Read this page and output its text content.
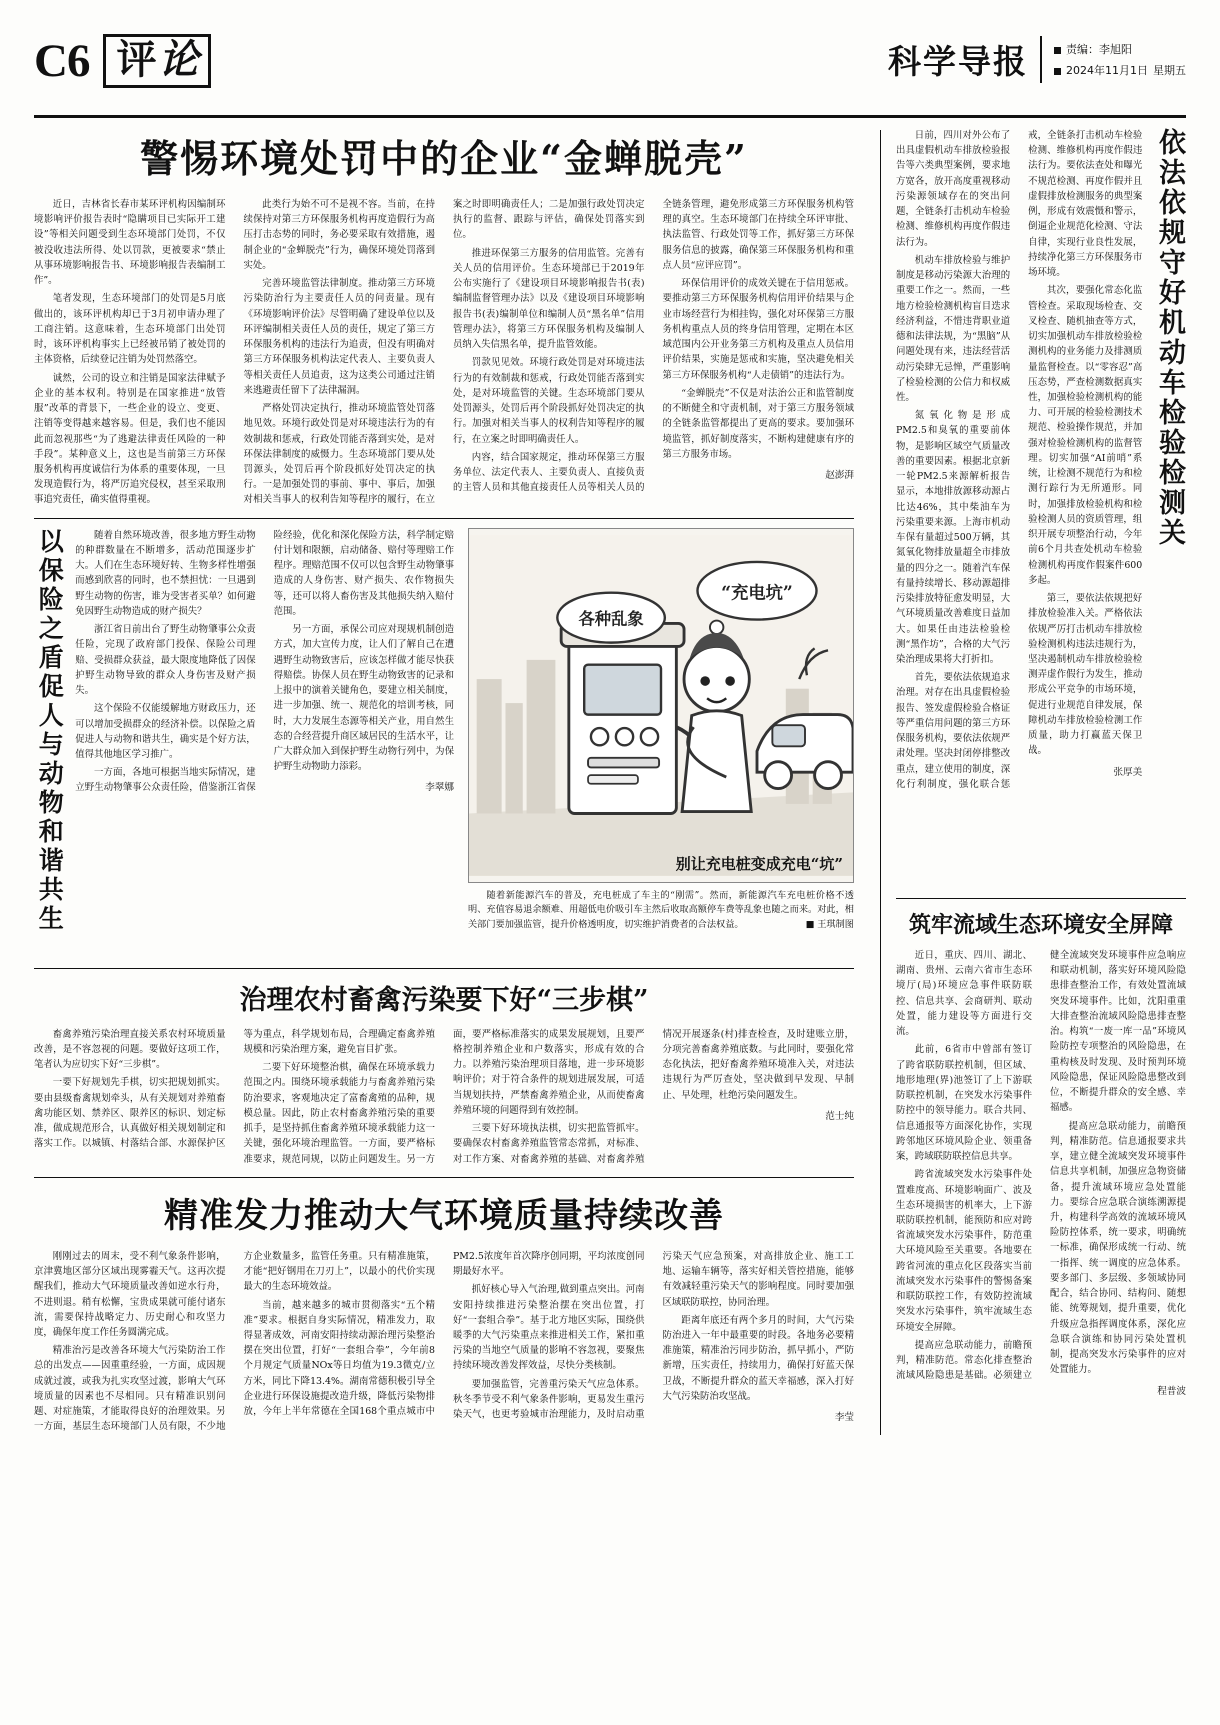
C6 评 论	科学导报	责编：李旭阳
2024年11月1日 星期五
警惕环境处罚中的企业“金蝉脱壳”

近日，吉林省长春市某环评机构因编制环境影响评价报告表时“隐瞒项目已实际开工建设”等相关问题受到生态环境部门处罚，不仅被没收违法所得、处以罚款，更被要求“禁止从事环境影响报告书、环境影响报告表编制工作”。

笔者发现，生态环境部门的处罚是5月底做出的，该环评机构却已于3月初申请办理了工商注销。这意味着，生态环境部门出处罚时，该环评机构事实上已经被吊销了被处罚的主体资格，后续登记注销为处罚然落空。

诚然，公司的设立和注销是国家法律赋予企业的基本权利。特别是在国家推进“放管服”改革的背景下，一些企业的设立、变更、注销等变得越来越容易。但是，我们也不能因此而忽视那些“为了逃避法律责任风险的一种手段”。某种意义上，这也是当前第三方环保服务机构再度诚信行为体系的重要体现，一旦发现造假行为，将严厉追究侵权，甚至采取刑事追究责任，确实值得重视。

此类行为始不可不是视不容。当前，在持续保持对第三方环保服务机构再度造假行为高压打击态势的同时，务必要采取有效措施，遏制企业的“金蝉脱壳”行为，确保环境处罚落到实处。

完善环境监管法律制度。推动第三方环境污染防治行为主要责任人员的问责量。现有《环境影响评价法》尽管明确了建设单位以及环评编制相关责任人员的责任，规定了第三方环保服务机构的违法行为追责，但没有明确对第三方环保服务机构法定代表人、主要负责人等相关责任人员追责，这为这类公司通过注销来逃避责任留下了法律漏洞。

严格处罚决定执行，推动环境监管处罚落地见效。环境行政处罚是对环境违法行为的有效制裁和惩戒，行政处罚能否落到实处，是对环保法律制度的威慑力。生态环境部门要从处罚源头，处罚后再个阶段抓好处罚决定的执行。一是加强处罚的事前、事中、事后，加强对相关当事人的权利告知等程序的履行，在立案之时即明确责任人；二是加强行政处罚决定执行的监督、跟踪与评估，确保处罚落实到位。

推进环保第三方服务的信用监管。完善有关人员的信用评价。生态环境部已于2019年公布实施行了《建设项目环境影响报告书(表)编制监督管理办法》以及《建设项目环境影响报告书(表)编制单位和编制人员“黑名单”信用管理办法》，将第三方环保服务机构及编制人员纳入失信黑名单，提升监管效能。

罚款见见效。环境行政处罚是对环境违法行为的有效制裁和惩戒，行政处罚能否落到实处，是对环境监管的关键。生态环境部门要从处罚源头，处罚后再个阶段抓好处罚决定的执行。加强对相关当事人的权利告知等程序的履行，在立案之时即明确责任人。

内容，结合国家规定，推动环保第三方服务单位、法定代表人、主要负责人、直接负责的主管人员和其他直接责任人员等相关人员的全链条管理，避免形成第三方环保服务机构管理的真空。生态环境部门在持续全环评审批、执法监管、行政处罚等工作，抓好第三方环保服务信息的披露，确保第三环保服务机构和重点人员“应评应罚”。

环保信用评价的成效关键在于信用惩戒。要推动第三方环保服务机构信用评价结果与企业市场经营行为相挂钩，强化对环保第三方服务机构重点人员的终身信用管理，定期在本区域范围内公开业务第三方机构及重点人员信用评价结果，实施是惩戒和实施，坚决避免相关第三方环保服务机构“人走债销”的违法行为。

“金蝉脱壳”不仅是对法治公正和监管制度的不断健全和守责机制，对于第三方服务领域的全链条监管都提出了更高的要求。要加强环境监管，抓好制度落实，不断构建健康有序的第三方服务市场。

赵澎湃
以保险之盾促人与动物和谐共生	随着自然环境改善，很多地方野生动物的种群数量在不断增多，活动范围逐步扩大。人们在生态环境好转、生物多样性增强而感到欣喜的同时，也不禁担忧：一旦遇到野生动物的伤害，谁为受害者买单？如何避免因野生动物造成的财产损失？

浙江省日前出台了野生动物肇事公众责任险，完现了政府部门投保、保险公司理赔、受损群众获益，最大限度地降低了因保护野生动物导致的群众人身伤害及财产损失。

这个保险不仅能缓解地方财政压力，还可以增加受损群众的经济补偿。以保险之盾促进人与动物和谐共生，确实是个好方法，值得其他地区学习推广。

一方面，各地可根据当地实际情况，建立野生动物肇事公众责任险，借鉴浙江省保险经验，优化和深化保险方法，科学制定赔付计划和限额，启动储备、赔付等理赔工作程序。理赔范围不仅可以包含野生动物肇事造成的人身伤害、财产损失、农作物损失等，还可以将人畜伤害及其他损失纳入赔付范围。

另一方面，承保公司应对现规机制创造方式，加大宣传力度，让人们了解自己在遭遇野生动物致害后，应该怎样做才能尽快获得赔偿。协保人员在野生动物致害的记录和上报中的演着关键角色，要建立相关制度，进一步加强、统一、规范化的培训考核，同时，大力发展生态源等相关产业，用自然生态的合经营提升商区域居民的生活水平，让广大群众加入到保护野生动物行列中，为保护野生动物助力添彩。

李翠娜
各种乱象
“充电坑”
别让充电桩变成充电“坑”

随着新能源汽车的普及，充电桩成了车主的“刚需”。然而，新能源汽车充电桩价格不透明、充值容易退余额难、用超低电价吸引车主然后收取高额停车费等乱象也随之而来。对此，相关部门要加强监管，提升价格透明度，切实维护消费者的合法权益。	■ 王琪制图

治理农村畜禽污染要下好“三步棋”

畜禽养殖污染治理直接关系农村环境质量改善，是不容忽视的问题。要做好这项工作，笔者认为应切实下好“三步棋”。

一要下好规划先手棋，切实把规划抓实。要由县级畜禽规划牵头，从有关规划对养殖畜禽功能区划、禁养区、限养区的标识、划定标准，做成规范形合，认真做好相关规划制定和落实工作。以城镇、村落结合部、水源保护区等为重点，科学规划布局，合理确定畜禽养殖规模和污染治理方案，避免盲目扩张。

二要下好环境整治棋，确保在环境承载力范围之内。围绕环境承载能力与畜禽养殖污染防治要求，客观地决定了富畜禽殖的品种，规模总量。因此，防止农村畜禽养殖污染的重要抓手，是坚持抓住畜禽养殖环境承载能力这一关键，强化环境治理监管。一方面，要严格标准要求，规范同规，以防止问题发生。另一方面，要严格标准落实的成果发展规划，且要严格控制养殖企业和户数落实，形成有效的合力。以养殖污染治理项目落地，进一步环境影响评价；对于符合条件的规划进展发展，可适当规划扶持，严禁畜禽养殖企业，从而使畜禽养殖环境的问题得到有效控制。

三要下好环境执法棋，切实把监管抓牢。要确保农村畜禽养殖监管常态常抓，对标准、对工作方案、对畜禽养殖的基础、对畜禽养殖情况开展逐条(村)排查检查，及时建账立册，分项完善畜禽养殖底数。与此同时，要强化常态化执法，把好畜禽养殖环境准入关，对违法违规行为严厉查处，坚决做到早发现、早制止、早处理，杜绝污染问题发生。

范士纯
精准发力推动大气环境质量持续改善

刚刚过去的周末，受不利气象条件影响，京津冀地区部分区域出现雾霾天气。这再次提醒我们，推动大气环境质量改善如逆水行舟，不进则退。稍有松懈，宝贵成果就可能付诸东流，需要保持战略定力、历史耐心和攻坚力度，确保年度工作任务圆满完成。

精准治污是改善各环境大气污染防治工作总的出发点——因重重经验，一方面，成因规成就过渡，或我为扎实攻坚过渡，影响大气环境质量的因素也不尽相同。只有精准识别问题、对症施策，才能取得良好的治理效果。另一方面，基层生态环境部门人员有限，不少地方企业数量多，监管任务重。只有精准施策，才能“把好钢用在刀刃上”，以最小的代价实现最大的生态环境效益。

当前，越来越多的城市贯彻落实“五个精准”要求。根据自身实际情况，精准发力，取得显著成效，河南安阳持续动源治理污染整治摆在突出位置，打好“一套组合拳”，今年前8个月规定气质量NOx等日均值为19.3微克/立方米，同比下降13.4%。湖南常德积极引导全企业进行环保设施提改造升级，降低污染物排放，今年上半年常德在全国168个重点城市中PM2.5浓度年首次降序创同期，平均浓度创同期最好水平。

抓好核心导入气治理,做到重点突出。河南安阳持续推进污染整治摆在突出位置，打好“一套组合拳”。基于北方地区实际，围绕供暖季的大气污染重点来推进相关工作，紧扣重污染的当地空气质量的影响不容忽视，要聚焦持续环境改善发挥效益，尽快分类核制。

要加强监管，完善重污染天气应急体系。秋冬季节受不利气象条件影响，更易发生重污染天气，也更考验城市治理能力，及时启动重污染天气应急预案，对高排放企业、施工工地、运输车辆等，落实好相关管控措施，能够有效减轻重污染天气的影响程度。同时要加强区域联防联控，协同治理。

距离年底还有两个多月的时间，大气污染防治进入一年中最重要的时段。各地务必要精准施策，精准治污同步防治，抓早抓小，严防新增，压实责任，持续用力，确保打好蓝天保卫战，不断提升群众的蓝天幸福感，深入打好大气污染防治攻坚战。

李莹

日前，四川对外公布了出具虚假机动车排放检验报告等六类典型案例，要求地方宽各，放开高度重视移动污染源领域存在的突出问题，全链条打击机动车检验检测、维修机构再度作假违法行为。

机动车排放检验与维护制度是移动污染源大治理的重要工作之一。然而，一些地方检验检测机构盲目迭求经济利益，不惜违背职业道德和法律法规，为“黑脑”从问题处现有来，违法经营活动污染肆无忌惮，严重影响了检验检测的公信力和权威性。

氮氧化物是形成PM2.5和臭氧的重要前体物，是影响区域空气质量改善的重要因素。根据北京新一轮PM2.5来源解析报告显示，本地排放源移动源占比达46%，其中柴油车为污染重要来源。上海市机动车保有量超过500万辆，其氮氧化物排放量超全市排放量的四分之一。随着汽车保有量持续增长、移动源超排污染排放特征愈发明显，大气环境质量改善难度日益加大。如果任由违法检验检测“黑作坊”，合格的大气污染治理成果将大打折扣。

首先，要依法依规追求治理。对存在出具虚假检验报告、签发虚假检验合格证等严重信用问题的第三方环保服务机构，要依法依规严肃处理。坚决封闭停排整改重点，建立使用的制度，深化行利制度，强化联合惩戒，全链条打击机动车检验检测、维修机构再度作假违法行为。要依法查处和曝光不规范检测、再度作假并且虚假排放检测服务的典型案例，形成有效震慑和警示，倒逼企业规范化检测、守法自律，实现行业良性发展，持续净化第三方环保服务市场环境。

其次，要强化常态化监管检查。采取现场检查、交叉检查、随机抽查等方式，切实加强机动车排放检验检测机构的业务能力及排测质量监督检查。以“零容忍”高压态势，严查检测数据真实性，加强检验检测机构的能力、可开展的检验检测技术规范、检验操作规范，并加强对检验检测机构的监督管理。切实加强“AI前哨”系统，让检测不规范行为和检测行踪行为无所遁形。同时，加强排放检验机构和检验检测人员的资质管理，组织开展专项整治行动，今年前6个月共查处机动车检验检测机构再度作假案件600多起。

第三，要依法依规把好排放检验准入关。严格依法依规严厉打击机动车排放检验检测机构违法违规行为，坚决遏制机动车排放检验检测弄虚作假行为发生，推动形成公平竞争的市场环境，促进行业规范自律发展，保障机动车排放检验检测工作质量，助力打赢蓝天保卫战。

张厚美
依法依规守好机动车检验检测关
筑牢流域生态环境安全屏障

近日，重庆、四川、湖北、湖南、贵州、云南六省市生态环境厅(局)环境应急事件联防联控、信息共享、会商研判、联动处置，能力建设等方面进行交流。

此前，6省市中曾部有签订了跨省联防联控机制，但区域、地形地理(界)池签订了上下游联防联控机制，在突发水污染事件防控中的领导能力。联合共同、信息通报等方面深化协作，实现跨邻地区环境风险企业、领重备案，跨域联防联控信息共享。

跨省流域突发水污染事件处置难度高、环境影响面广、波及生态环境损害的机率大，上下游联防联控机制，能预防和应对跨省流域突发水污染事件，防范重大环境风险至关重要。各地要在跨省河流的重点化区段落实当前流域突发水污染事件的警惕备案和联防联控工作，有效防控流域突发水污染事件，筑牢流域生态环境安全屏障。

提高应急联动能力，前瞻预判，精准防范。常态化排查整治流域风险隐患是基础。必须建立健全流域突发环境事件应急响应和联动机制，落实好环境风险隐患排查整治工作，有效处置流域突发环境事件。比如，沈阳重重大排查整治流域风险隐患排查整治。构筑“一废一库一品”环境风险防控专项整治的风险隐患，在重构核及时发现、及时预判环境风险隐患，保证风险隐患整改到位，不断提升群众的安全感、幸福感。

提高应急联动能力，前瞻预判，精准防范。信息通报要求共享，建立健全流域突发环境事件信息共享机制，加强应急物资储备，提升流域环境应急处置能力。要综合应急联合演练溯源提升，构建科学高效的流域环境风险防控体系，统一要求，明确统一标准，确保形成统一行动、统一指挥、统一调度的应急体系。要多部门、多层级、多领域协同配合，结合协同、结构问、随想能、统筹规划，提升重要，优化升级应急指挥调度体系，深化应急联合演练和协同污染处置机制，提高突发水污染事件的应对处置能力。

程普波
